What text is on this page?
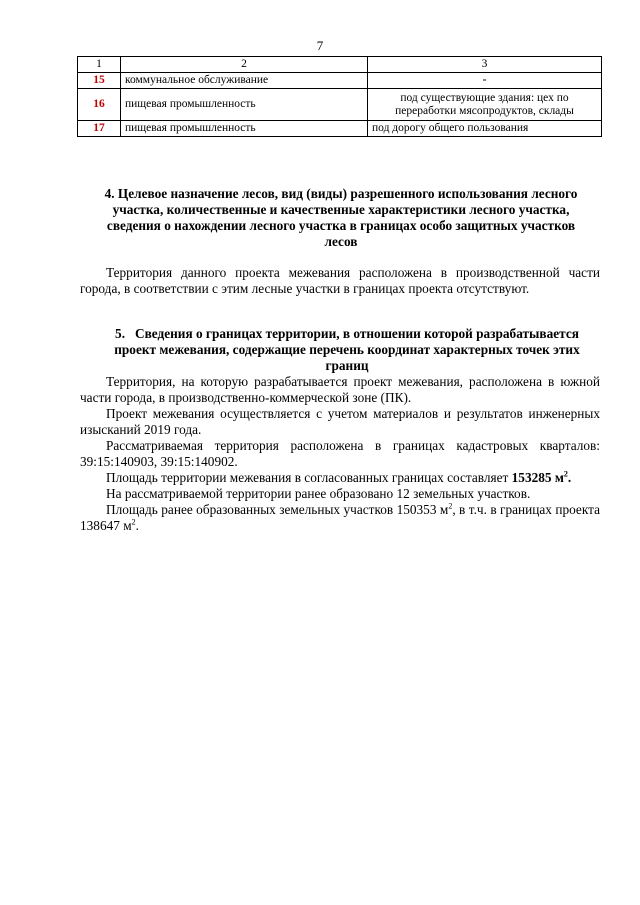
7
1	2	3
15	коммунальное обслуживание	-
16	пищевая промышленность	под существующие здания: цех по переработки мясопродуктов, склады
17	пищевая промышленность	под дорогу общего пользования
4. Целевое назначение лесов, вид (виды) разрешенного использования лесного участка, количественные и качественные характеристики лесного участка, сведения о нахождении лесного участка в границах особо защитных участков лесов

Территория данного проекта межевания расположена в производственной части города, в соответствии с этим лесные участки в границах проекта отсутствуют.

5.   Сведения о границах территории, в отношении которой разрабатывается проект межевания, содержащие перечень координат характерных точек этих границ

Территория, на которую разрабатывается проект межевания, расположена в южной части города, в производственно-коммерческой зоне (ПК).

Проект межевания осуществляется с учетом материалов и результатов инженерных изысканий 2019 года.

Рассматриваемая территория расположена в границах кадастровых кварталов: 39:15:140903, 39:15:140902.

Площадь территории межевания в согласованных границах составляет 153285 $м^2$.

На рассматриваемой территории ранее образовано 12 земельных участков.

Площадь ранее образованных земельных участков 150353 $м^2$, в т.ч. в границах проекта 138647 $м^2$.
